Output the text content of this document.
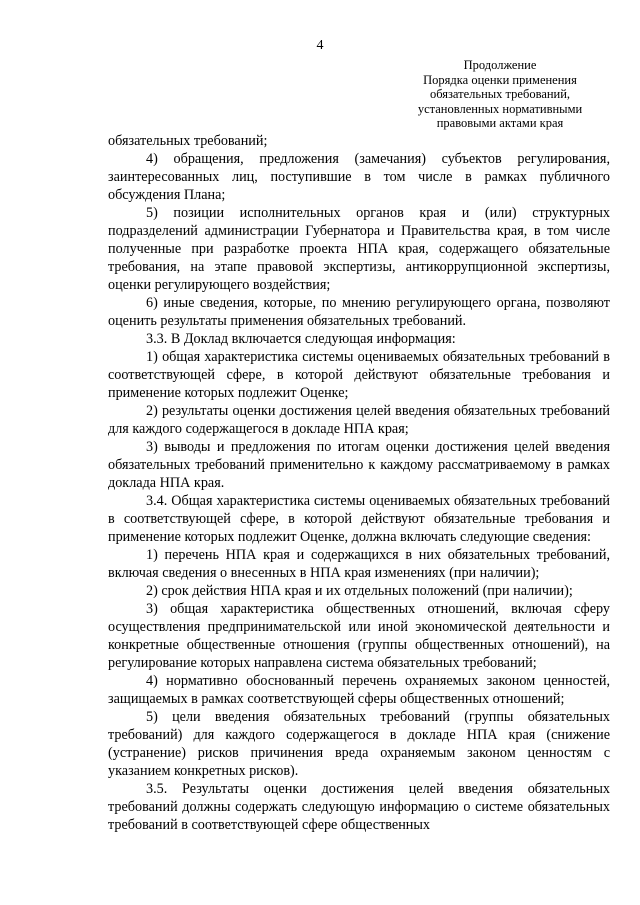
4
Продолжение
Порядка оценки применения
обязательных требований,
установленных нормативными
правовыми актами края

обязательных требований;

4) обращения, предложения (замечания) субъектов регулирования, заинтересованных лиц, поступившие в том числе в рамках публичного обсуждения Плана;

5) позиции исполнительных органов края и (или) структурных подразделений администрации Губернатора и Правительства края, в том числе полученные при разработке проекта НПА края, содержащего обязательные требования, на этапе правовой экспертизы, антикоррупционной экспертизы, оценки регулирующего воздействия;

6) иные сведения, которые, по мнению регулирующего органа, позволяют оценить результаты применения обязательных требований.

3.3. В Доклад включается следующая информация:

1) общая характеристика системы оцениваемых обязательных требований в соответствующей сфере, в которой действуют обязательные требования и применение которых подлежит Оценке;

2) результаты оценки достижения целей введения обязательных требований для каждого содержащегося в докладе НПА края;

3) выводы и предложения по итогам оценки достижения целей введения обязательных требований применительно к каждому рассматриваемому в рамках доклада НПА края.

3.4. Общая характеристика системы оцениваемых обязательных требований в соответствующей сфере, в которой действуют обязательные требования и применение которых подлежит Оценке, должна включать следующие сведения:

1) перечень НПА края и содержащихся в них обязательных требований, включая сведения о внесенных в НПА края изменениях (при наличии);

2) срок действия НПА края и их отдельных положений (при наличии);

3) общая характеристика общественных отношений, включая сферу осуществления предпринимательской или иной экономической деятельности и конкретные общественные отношения (группы общественных отношений), на регулирование которых направлена система обязательных требований;

4) нормативно обоснованный перечень охраняемых законом ценностей, защищаемых в рамках соответствующей сферы общественных отношений;

5) цели введения обязательных требований (группы обязательных требований) для каждого содержащегося в докладе НПА края (снижение (устранение) рисков причинения вреда охраняемым законом ценностям с указанием конкретных рисков).

3.5. Результаты оценки достижения целей введения обязательных требований должны содержать следующую информацию о системе обязательных требований в соответствующей сфере общественных
